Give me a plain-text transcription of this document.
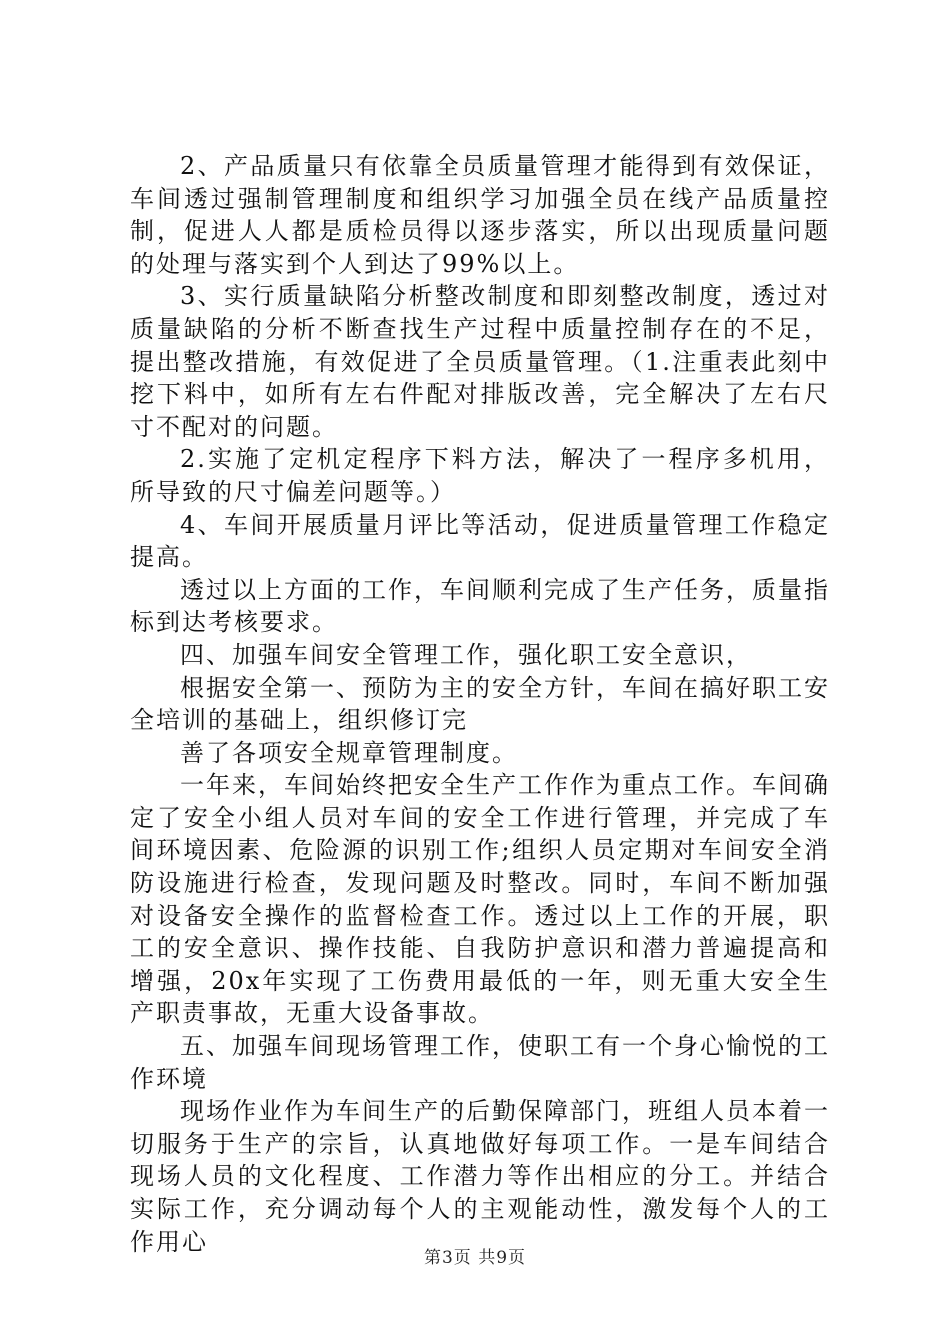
2、产品质量只有依靠全员质量管理才能得到有效保证，车间透过强制管理制度和组织学习加强全员在线产品质量控制，促进人人都是质检员得以逐步落实，所以出现质量问题的处理与落实到个人到达了99%以上。

3、实行质量缺陷分析整改制度和即刻整改制度，透过对质量缺陷的分析不断查找生产过程中质量控制存在的不足，提出整改措施，有效促进了全员质量管理。（1.注重表此刻中挖下料中，如所有左右件配对排版改善，完全解决了左右尺寸不配对的问题。

2.实施了定机定程序下料方法，解决了一程序多机用，所导致的尺寸偏差问题等。）

4、车间开展质量月评比等活动，促进质量管理工作稳定提高。

透过以上方面的工作，车间顺利完成了生产任务，质量指标到达考核要求。

四、加强车间安全管理工作，强化职工安全意识，

根据安全第一、预防为主的安全方针，车间在搞好职工安全培训的基础上，组织修订完

善了各项安全规章管理制度。

一年来，车间始终把安全生产工作作为重点工作。车间确定了安全小组人员对车间的安全工作进行管理，并完成了车间环境因素、危险源的识别工作;组织人员定期对车间安全消防设施进行检查，发现问题及时整改。同时，车间不断加强对设备安全操作的监督检查工作。透过以上工作的开展，职工的安全意识、操作技能、自我防护意识和潜力普遍提高和增强，20x年实现了工伤费用最低的一年，则无重大安全生产职责事故，无重大设备事故。

五、加强车间现场管理工作，使职工有一个身心愉悦的工作环境

现场作业作为车间生产的后勤保障部门，班组人员本着一切服务于生产的宗旨，认真地做好每项工作。一是车间结合现场人员的文化程度、工作潜力等作出相应的分工。并结合实际工作，充分调动每个人的主观能动性，激发每个人的工作用心

第3页 共9页
